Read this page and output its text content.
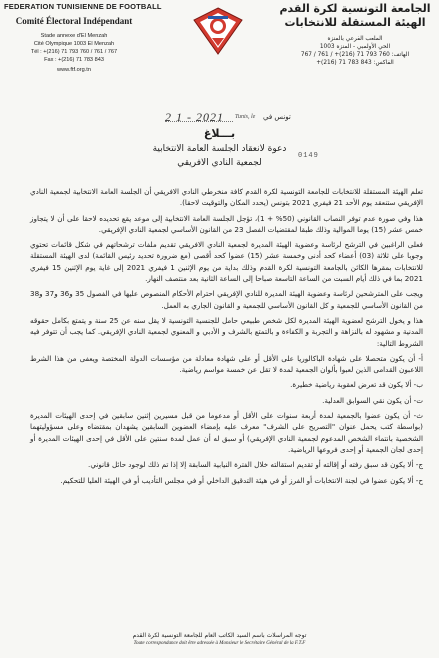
FEDERATION TUNISIENNE DE FOOTBALL
Comité Électoral Indépendant
Stade annexe d'El Menzah
Cité Olympique 1003 El Menzah
Tél : +(216) 71 793 760 / 761 / 767
Fax : +(216) 71 783 843
www.ftf.org.tn
الجامعة التونسية لكرة القدم
الهيئة المستقلة للانتخابات
الملعب الفرعي بالمنزه
الحي الأولمبي - المنزه 1003
الهاتف: 760 793 71 (216)+ / 761 / 767
الفاكس: 843 783 71 (216)+
2 1 - 2021 Tunis, le تونس في
بـــلاغ
دعوة لانعقاد الجلسة العامة الانتخابية
لجمعية النادي الافريقي
0149

تعلم الهيئة المستقلة للانتخابات للجامعة التونسية لكرة القدم كافة منخرطي النادي الافريقي أن الجلسة العامة الانتخابية لجمعية النادي الإفريقي ستنعقد يوم الأحد 21 فيفري 2021 بتونس (يحدد المكان والتوقيت لاحقا).

هذا وفي صورة عدم توفر النصاب القانوني (50% + 1)، تؤجل الجلسة العامة الانتخابية إلى موعد يقع تحديده لاحقا على أن لا يتجاوز خمس عشر (15) يوما الموالية وذلك طبقا لمقتضيات الفصل 23 من القانون الأساسي لجمعية النادي الإفريقي.

فعلى الراغبين في الترشح لرئاسة وعضوية الهيئة المديرة لجمعية النادي الافريقي تقديم ملفات ترشحاتهم في شكل قائمات تحتوي وجوبا على ثلاثة (03) أعضاء كحد أدنى وخمسة عشر (15) عضوا كحد أقصى (مع ضرورة تحديد رئيس القائمة) لدى الهيئة المستقلة للانتخابات بمقرها الكائن بالجامعة التونسية لكرة القدم وذلك بداية من يوم الإثنين 1 فيفري 2021 إلى غاية يوم الإثنين 15 فيفري 2021 بما في ذلك أيام السبت من الساعة التاسعة صباحا إلى الساعة الثانية بعد منتصف النهار.

ويجب على المترشحين لرئاسة وعضوية الهيئة المديرة للنادي الإفريقي احترام الأحكام المنصوص عليها في الفصول 35 و36 و37 و38 من القانون الأساسي للجمعية و كل القانون الأساسي للجمعية و القانون الجاري به العمل.

هذا و يخول الترشح لعضوية الهيئة المديرة لكل شخص طبيعي حامل للجنسية التونسية لا يقل سنه عن 25 سنة و يتمتع بكامل حقوقه المدنية و مشهود له بالنزاهة و التجربة و الكفاءة و بالتمتع بالشرف و الأدبي و المعنوي لجمعية النادي الإفريقي. كما يجب أن تتوفر فيه الشروط التالية:

أ- أن يكون متحصلا على شهادة الباكالوريا على الأقل أو على شهادة معادلة من مؤسسات الدولة المختصة ويعفى من هذا الشرط اللاعبون القدامى الذين لعبوا بألوان الجمعية لمدة لا تقل عن خمسة مواسم رياضية.

ب- ألا يكون قد تعرض لعقوبة رياضية خطيرة.

ت- أن يكون نقي السوابق العدلية.

ث- أن يكون عضوا بالجمعية لمدة أربعة سنوات على الأقل أو مدعوما من قبل مسيرين إثنين سابقين في إحدى الهيئات المديرة (بواسطة كتب يحمل عنوان "التصريح على الشرف" معرف عليه بإمضاء العضوين السابقين يشهدان بمقتضاه وعلى مسؤوليتهما الشخصية بانتماء الشخص المدعوم لجمعية النادي الإفريقي) أو سبق له أن عمل لمدة سنتين على الأقل في إحدى الهيئات المديرة أو إحدى لجان الجمعية أو إحدى فروعها الرياضية.

ج- ألا يكون قد سبق رفته أو إقالته أو تقديم استقالته خلال الفترة النيابية السابقة إلا إذا تم ذلك لوجود حائل قانوني.

ح- ألا يكون عضوا في لجنة الانتخابات أو الفرز أو في هيئة التدقيق الداخلي أو في مجلس التأديب أو في الهيئة العليا للتحكيم.

توجه المراسلات باسم السيد الكاتب العام للجامعة التونسية لكرة القدم
Toute correspondance doit être adressée à Monsieur le Secrétaire Général de la F.T.F
